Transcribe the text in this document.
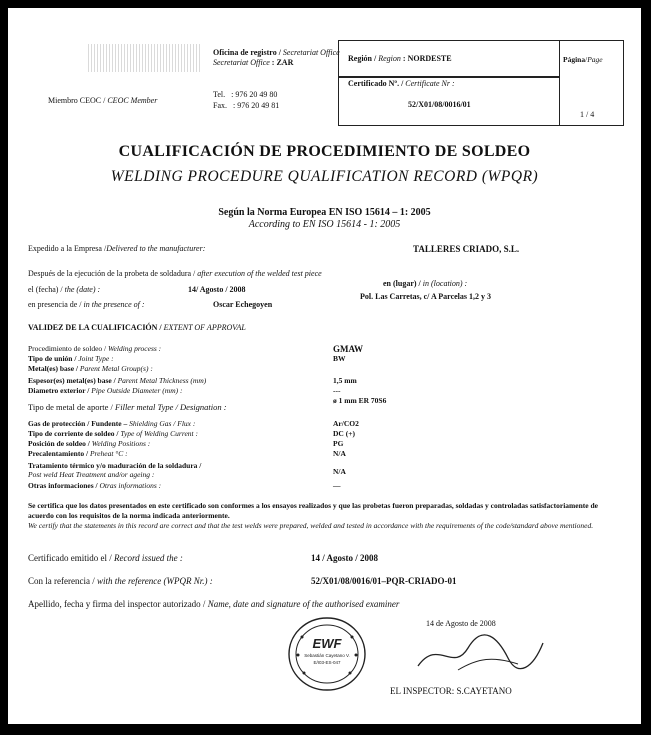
Oficina de registro / Secretariat Office
Secretariat Office : ZAR
Miembro CEOC / CEOC Member
Tel. : 976 20 49 80
Fax. : 976 20 49 81
Región / Region : NORDESTE	Página/Page
Certificado Nº. / Certificate Nr :
52/X01/08/0016/01
1 / 4
CUALIFICACIÓN DE PROCEDIMIENTO DE SOLDEO
WELDING PROCEDURE QUALIFICATION RECORD (WPQR)
Según la Norma Europea EN ISO 15614 – 1: 2005
According to EN ISO 15614 - 1: 2005
Expedido a la Empresa /Delivered to the manufacturer:	TALLERES CRIADO, S.L.
Después de la ejecución de la probeta de soldadura / after execution of the welded test piece
en (lugar) / in (location) :
el (fecha) / the (date) :	14/ Agosto / 2008
Pol. Las Carretas, c/ A Parcelas 1,2 y 3
en presencia de / in the presence of :	Oscar Echegoyen
VALIDEZ DE LA CUALIFICACIÓN / EXTENT OF APPROVAL
Procedimiento de soldeo / Welding process :	GMAW
Tipo de unión / Joint Type :	BW
Metal(es) base / Parent Metal Group(s) :
Espesor(es) metal(es) base / Parent Metal Thickness (mm)	1,5 mm
Diametro exterior / Pipe Outside Diameter (mm) :	---
Tipo de metal de aporte / Filler metal Type / Designation :
ø 1 mm ER 70S6
Gas de protección / Fundente – Shielding Gas / Flux :	Ar/CO2
Tipo de corriente de soldeo / Type of Welding Current :	DC (+)
Posición de soldeo / Welding Positions :	PG
Precalentamiento / Preheat °C :	N/A
Tratamiento térmico y/o maduración de la soldadura /
Post weld Heat Treatment and/or ageing :	N/A
Otras informaciones / Otras informations :	—
Se certifica que los datos presentados en este certificado son conformes a los ensayos realizados y que las probetas fueron preparadas, soldadas y controladas satisfactoriamente de acuerdo con los requisitos de la norma indicada anteriormente.
We certify that the statements in this record are correct and that the test welds were prepared, welded and tested in accordance with the requirements of the code/standard above mentioned.
Certificado emitido el / Record issued the :	14 / Agosto / 2008
Con la referencia / with the reference (WPQR Nr.) :	52/X01/08/0016/01–PQR-CRIADO-01
Apellido, fecha y firma del inspector autorizado / Name, date and signature of the authorised examiner
14 de Agosto de 2008
EWF
Sebastián Cayetano V.
E/I03-ES-047
EL INSPECTOR: S.CAYETANO
